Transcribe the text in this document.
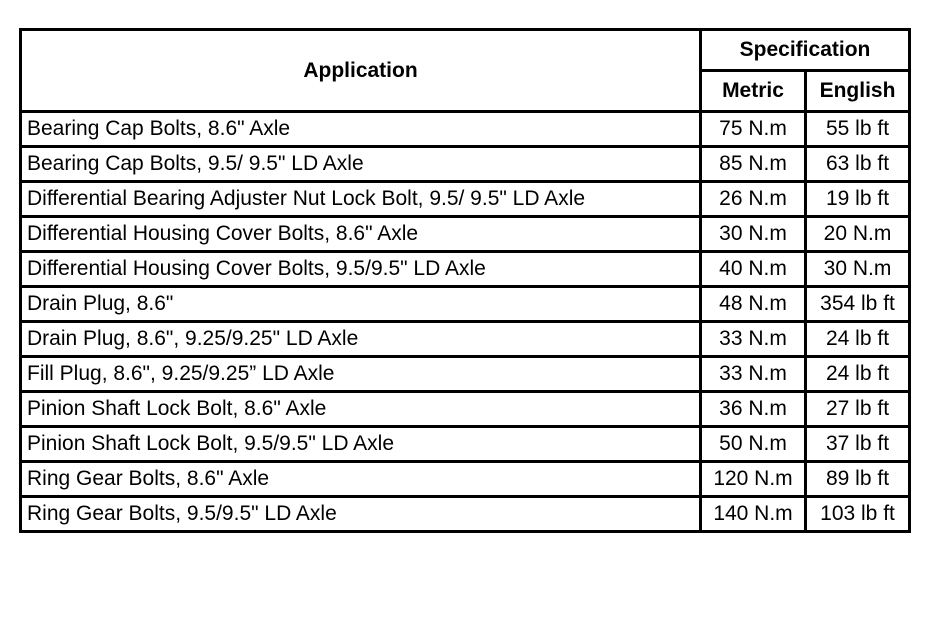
Application	Specification	
	Metric	English
Bearing Cap Bolts, 8.6" Axle	75 N.m	55 lb ft
Bearing Cap Bolts, 9.5/ 9.5" LD Axle	85 N.m	63 lb ft
Differential Bearing Adjuster Nut Lock Bolt, 9.5/ 9.5" LD Axle	26 N.m	19 lb ft
Differential Housing Cover Bolts, 8.6" Axle	30 N.m	20 N.m
Differential Housing Cover Bolts, 9.5/9.5" LD Axle	40 N.m	30 N.m
Drain Plug, 8.6"	48 N.m	354 lb ft
Drain Plug, 8.6", 9.25/9.25" LD Axle	33 N.m	24 lb ft
Fill Plug, 8.6", 9.25/9.25” LD Axle	33 N.m	24 lb ft
Pinion Shaft Lock Bolt, 8.6" Axle	36 N.m	27 lb ft
Pinion Shaft Lock Bolt, 9.5/9.5" LD Axle	50 N.m	37 lb ft
Ring Gear Bolts, 8.6" Axle	120 N.m	89 lb ft
Ring Gear Bolts, 9.5/9.5" LD Axle	140 N.m	103 lb ft
